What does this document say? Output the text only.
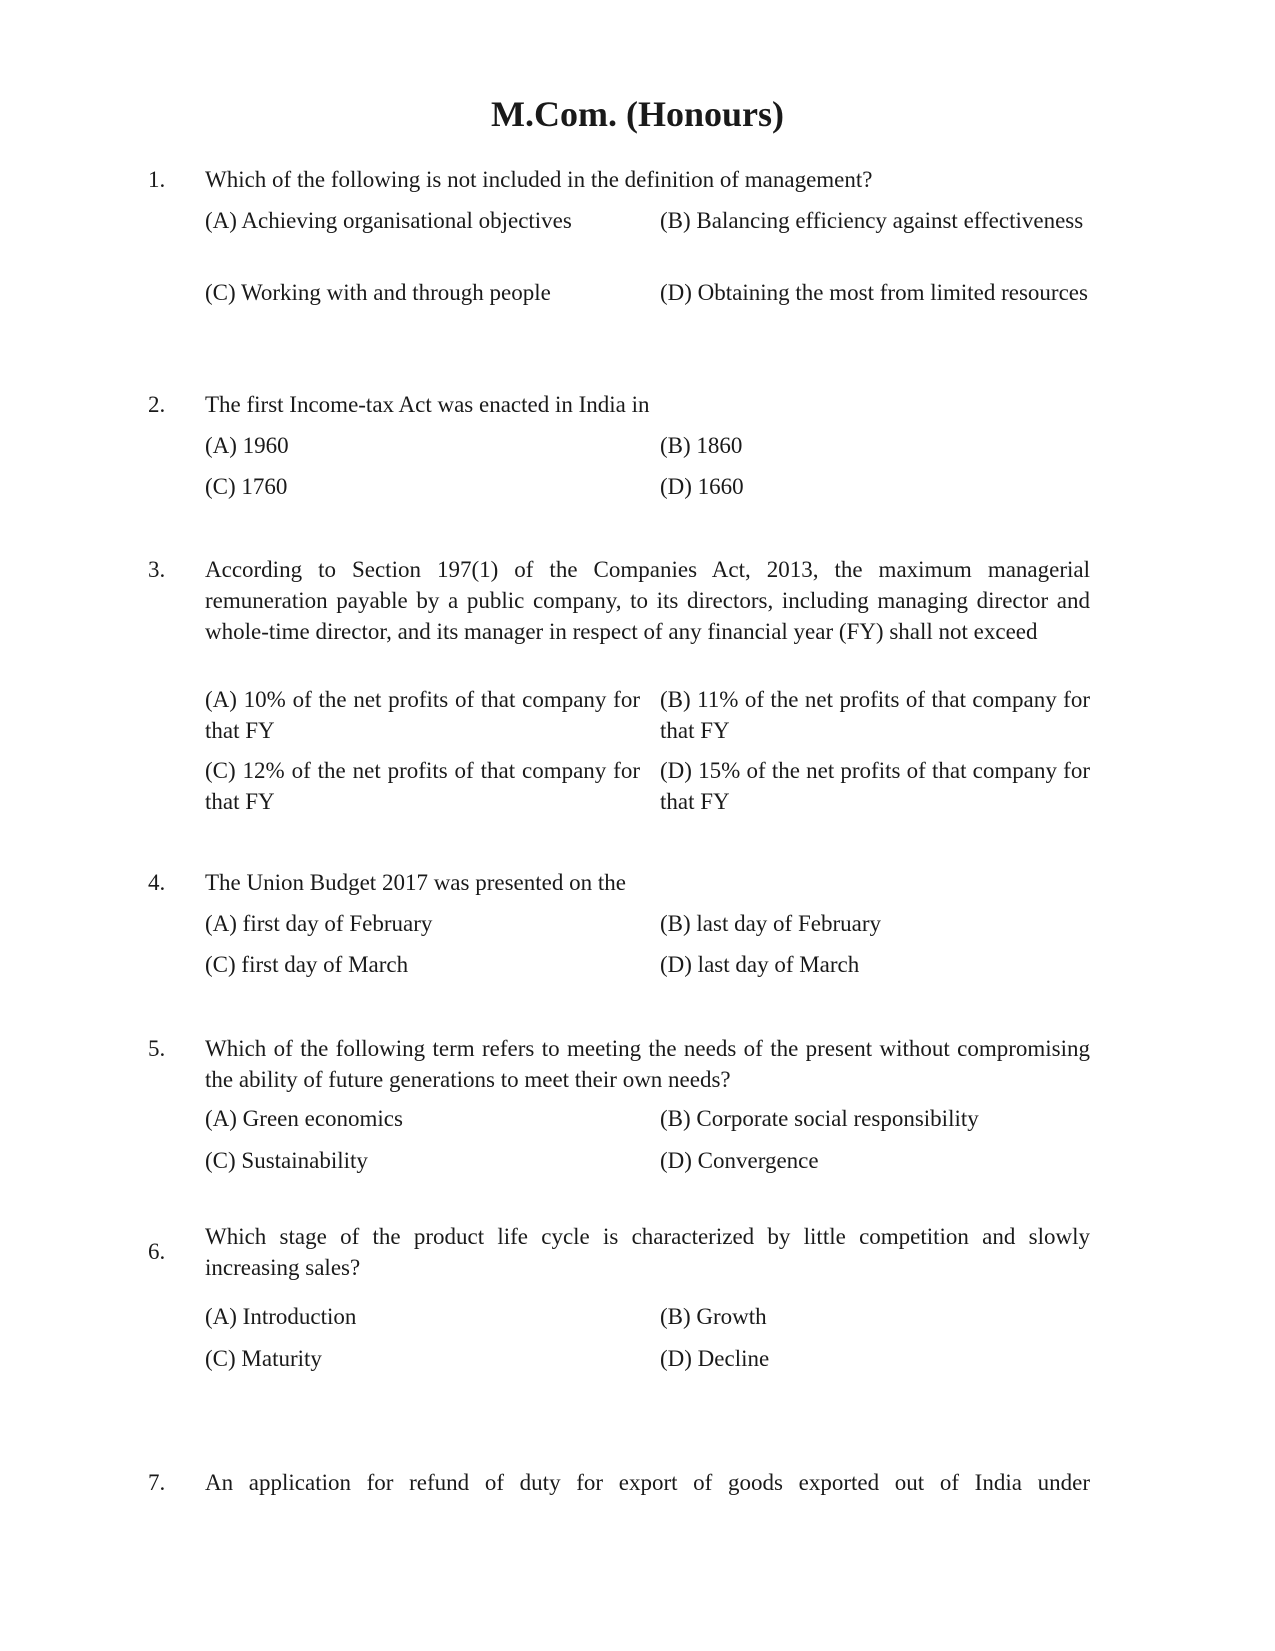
M.Com. (Honours)
1. Which of the following is not included in the definition of management?

(A) Achieving organisational objectives	(B) Balancing efficiency against effectiveness
(C) Working with and through people	(D) Obtaining the most from limited resources
2. The first Income-tax Act was enacted in India in

(A) 1960	(B) 1860
(C) 1760	(D) 1660
3. According to Section 197(1) of the Companies Act, 2013, the maximum managerial remuneration payable by a public company, to its directors, including managing director and whole-time director, and its manager in respect of any financial year (FY) shall not exceed

(A) 10% of the net profits of that company for that FY
(B) 11% of the net profits of that company for that FY
(C) 12% of the net profits of that company for that FY
(D) 15% of the net profits of that company for that FY
4. The Union Budget 2017 was presented on the

(A) first day of February	(B) last day of February
(C) first day of March	(D) last day of March
5. Which of the following term refers to meeting the needs of the present without compromising the ability of future generations to meet their own needs?

(A) Green economics	(B) Corporate social responsibility
(C) Sustainability	(D) Convergence
6.

Which stage of the product life cycle is characterized by little competition and slowly increasing sales?

(A) Introduction	(B) Growth
(C) Maturity	(D) Decline
7. An application for refund of duty for export of goods exported out of India under
